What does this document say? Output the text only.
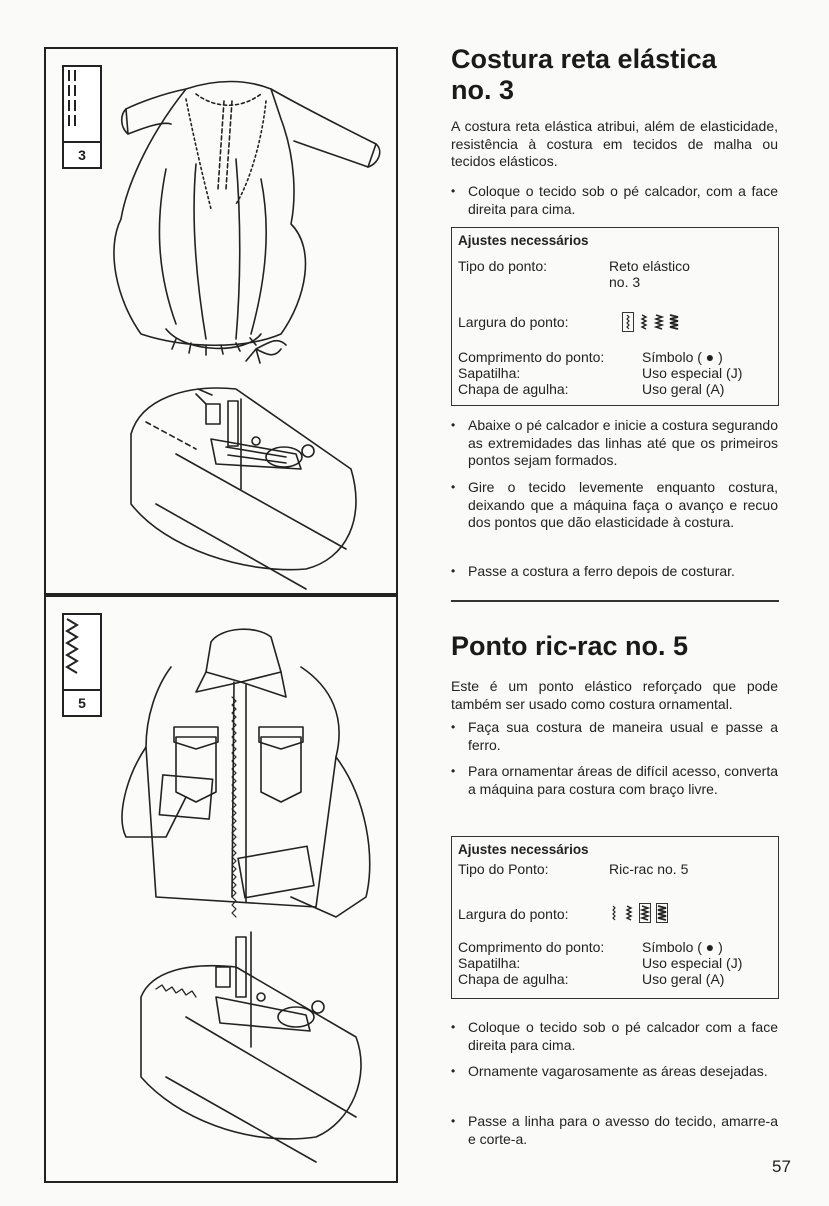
3
5
Costura reta elástica
no. 3

A costura reta elástica atribui, além de elasticidade, resistência à costura em tecidos de malha ou tecidos elásticos.

• Coloque o tecido sob o pé calcador, com a face direita para cima.

Ajustes necessários
Tipo do ponto:	Reto elástico
no. 3
Largura do ponto:
Comprimento do ponto:	Símbolo ( ● )
Sapatilha:	Uso especial (J)
Chapa de agulha:	Uso geral (A)

• Abaixe o pé calcador e inicie a costura segurando as extremidades das linhas até que os primeiros pontos sejam formados.

• Gire o tecido levemente enquanto costura, deixando que a máquina faça o avanço e recuo dos pontos que dão elasticidade à costura.

• Passe a costura a ferro depois de costurar.

Ponto ric-rac no. 5

Este é um ponto elástico reforçado que pode também ser usado como costura ornamental.

• Faça sua costura de maneira usual e passe a ferro.

• Para ornamentar áreas de difícil acesso, converta a máquina para costura com braço livre.

Ajustes necessários
Tipo do Ponto:	Ric-rac no. 5
Largura do ponto:
Comprimento do ponto:	Símbolo ( ● )
Sapatilha:	Uso especial (J)
Chapa de agulha:	Uso geral (A)

• Coloque o tecido sob o pé calcador com a face direita para cima.

• Ornamente vagarosamente as áreas desejadas.

• Passe a linha para o avesso do tecido, amarre-a e corte-a.

57
